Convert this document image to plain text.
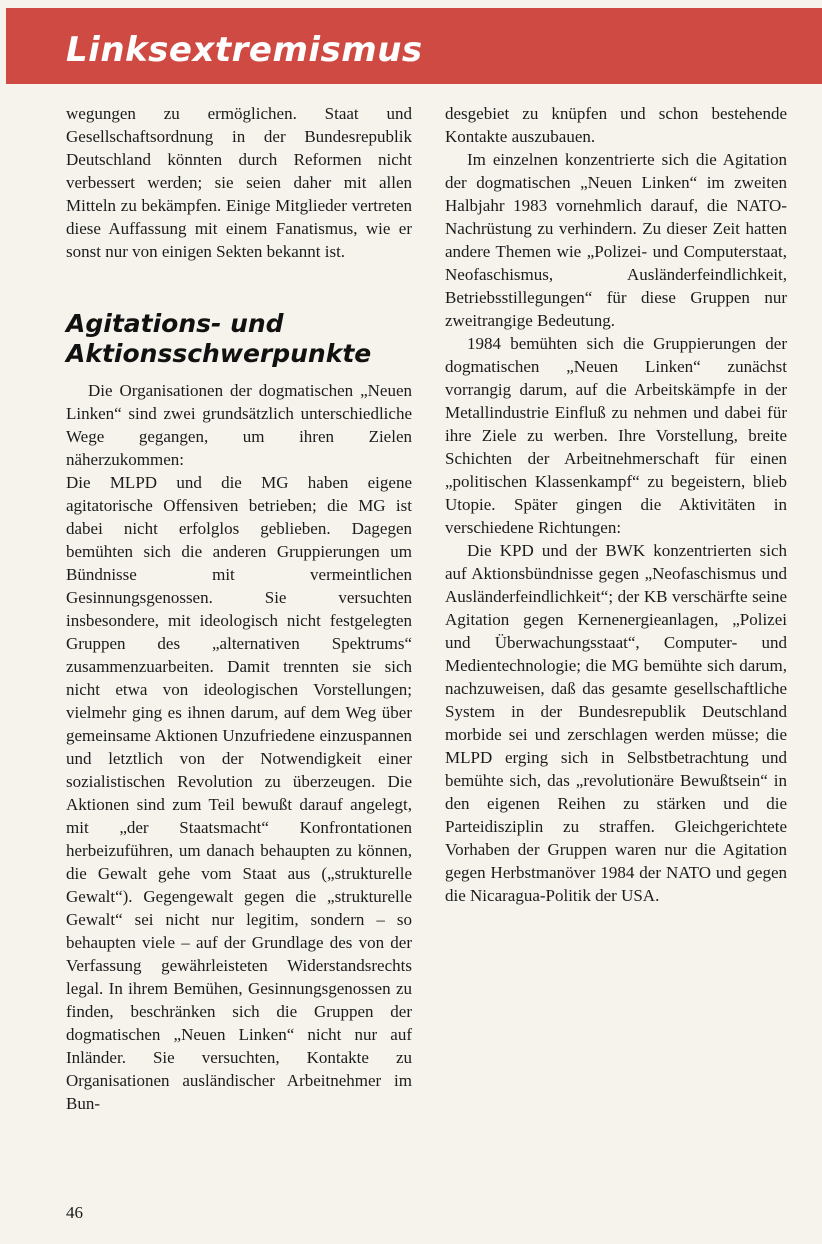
Linksextremismus

wegungen zu ermöglichen. Staat und Gesellschaftsordnung in der Bundesrepublik Deutschland könnten durch Reformen nicht verbessert werden; sie seien daher mit allen Mitteln zu bekämpfen. Einige Mitglieder vertreten diese Auffassung mit einem Fanatismus, wie er sonst nur von einigen Sekten bekannt ist.

Agitations- und
Aktionsschwerpunkte

Die Organisationen der dogmatischen „Neuen Linken“ sind zwei grundsätzlich unterschiedliche Wege gegangen, um ihren Zielen näherzukommen:

Die MLPD und die MG haben eigene agitatorische Offensiven betrieben; die MG ist dabei nicht erfolglos geblieben. Dagegen bemühten sich die anderen Gruppierungen um Bündnisse mit vermeintlichen Gesinnungsgenossen. Sie versuchten insbesondere, mit ideologisch nicht festgelegten Gruppen des „alternativen Spektrums“ zusammenzuarbeiten. Damit trennten sie sich nicht etwa von ideologischen Vorstellungen; vielmehr ging es ihnen darum, auf dem Weg über gemeinsame Aktionen Unzufriedene einzuspannen und letztlich von der Notwendigkeit einer sozialistischen Revolution zu überzeugen. Die Aktionen sind zum Teil bewußt darauf angelegt, mit „der Staatsmacht“ Konfrontationen herbeizuführen, um danach behaupten zu können, die Gewalt gehe vom Staat aus („strukturelle Gewalt“). Gegengewalt gegen die „strukturelle Gewalt“ sei nicht nur legitim, sondern – so behaupten viele – auf der Grundlage des von der Verfassung gewährleisteten Widerstandsrechts legal. In ihrem Bemühen, Gesinnungsgenossen zu finden, beschränken sich die Gruppen der dogmatischen „Neuen Linken“ nicht nur auf Inländer. Sie versuchten, Kontakte zu Organisationen ausländischer Arbeitnehmer im Bun-

desgebiet zu knüpfen und schon bestehende Kontakte auszubauen.

Im einzelnen konzentrierte sich die Agitation der dogmatischen „Neuen Linken“ im zweiten Halbjahr 1983 vornehmlich darauf, die NATO-Nachrüstung zu verhindern. Zu dieser Zeit hatten andere Themen wie „Polizei- und Computerstaat, Neofaschismus, Ausländerfeindlichkeit, Betriebsstillegungen“ für diese Gruppen nur zweitrangige Bedeutung.

1984 bemühten sich die Gruppierungen der dogmatischen „Neuen Linken“ zunächst vorrangig darum, auf die Arbeitskämpfe in der Metallindustrie Einfluß zu nehmen und dabei für ihre Ziele zu werben. Ihre Vorstellung, breite Schichten der Arbeitnehmerschaft für einen „politischen Klassenkampf“ zu begeistern, blieb Utopie. Später gingen die Aktivitäten in verschiedene Richtungen:

Die KPD und der BWK konzentrierten sich auf Aktionsbündnisse gegen „Neofaschismus und Ausländerfeindlichkeit“; der KB verschärfte seine Agitation gegen Kernenergieanlagen, „Polizei und Überwachungsstaat“, Computer- und Medientechnologie; die MG bemühte sich darum, nachzuweisen, daß das gesamte gesellschaftliche System in der Bundesrepublik Deutschland morbide sei und zerschlagen werden müsse; die MLPD erging sich in Selbstbetrachtung und bemühte sich, das „revolutionäre Bewußtsein“ in den eigenen Reihen zu stärken und die Parteidisziplin zu straffen. Gleichgerichtete Vorhaben der Gruppen waren nur die Agitation gegen Herbstmanöver 1984 der NATO und gegen die Nicaragua-Politik der USA.

46
